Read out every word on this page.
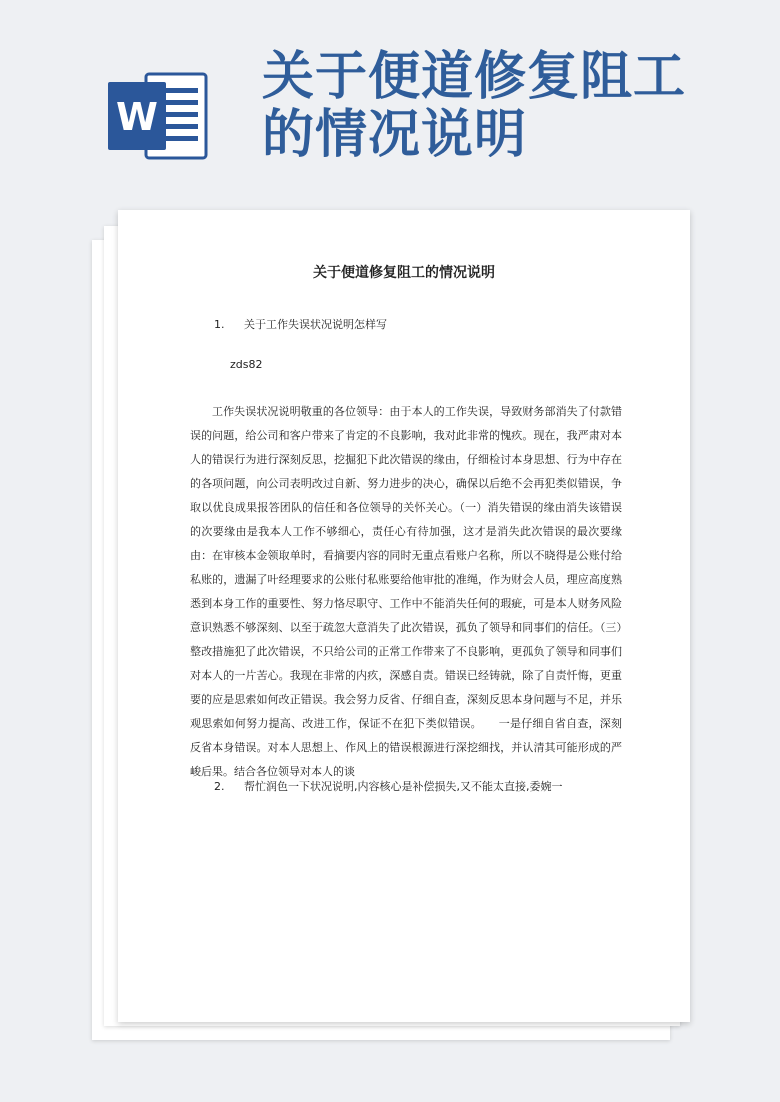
W
关于便道修复阻工
的情况说明
关于便道修复阻工的情况说明
1. 关于工作失误状况说明怎样写
zds82

工作失误状况说明敬重的各位领导：由于本人的工作失误，导致财务部消失了付款错误的问题，给公司和客户带来了肯定的不良影响，我对此非常的愧疚。现在，我严肃对本人的错误行为进行深刻反思，挖掘犯下此次错误的缘由，仔细检讨本身思想、行为中存在的各项问题，向公司表明改过自新、努力进步的决心，确保以后绝不会再犯类似错误，争取以优良成果报答团队的信任和各位领导的关怀关心。（一）消失错误的缘由消失该错误的次要缘由是我本人工作不够细心，责任心有待加强，这才是消失此次错误的最次要缘由：在审核本金领取单时，看摘要内容的同时无重点看账户名称，所以不晓得是公账付给私账的，遗漏了叶经理要求的公账付私账要给他审批的准绳，作为财会人员，理应高度熟悉到本身工作的重要性、努力恪尽职守、工作中不能消失任何的瑕疵，可是本人财务风险意识熟悉不够深刻、以至于疏忽大意消失了此次错误，孤负了领导和同事们的信任。（三）整改措施犯了此次错误，不只给公司的正常工作带来了不良影响，更孤负了领导和同事们对本人的一片苦心。我现在非常的内疚，深感自责。错误已经铸就，除了自责忏悔，更重要的应是思索如何改正错误。我会努力反省、仔细自查，深刻反思本身问题与不足，并乐观思索如何努力提高、改进工作，保证不在犯下类似错误。　　一是仔细自省自查，深刻反省本身错误。对本人思想上、作风上的错误根源进行深挖细找，并认清其可能形成的严峻后果。结合各位领导对本人的谈

2. 帮忙润色一下状况说明,内容核心是补偿损失,又不能太直接,委婉一
